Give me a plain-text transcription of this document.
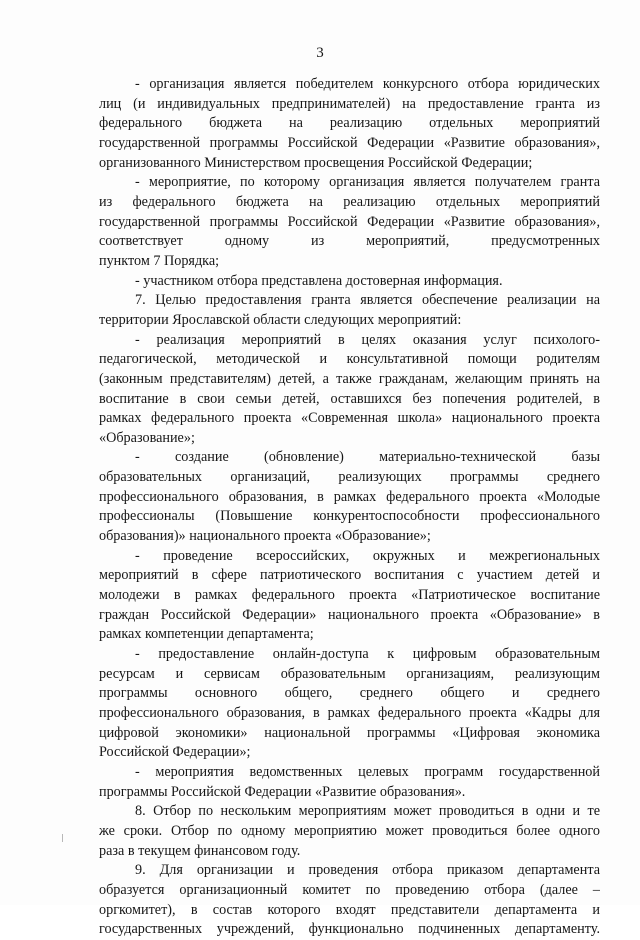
3
- организация является победителем конкурсного отбора юридических
лиц (и индивидуальных предпринимателей) на предоставление гранта из
федерального бюджета на реализацию отдельных мероприятий
государственной программы Российской Федерации «Развитие образования»,
организованного Министерством просвещения Российской Федерации;
- мероприятие, по которому организация является получателем гранта
из федерального бюджета на реализацию отдельных мероприятий
государственной программы Российской Федерации «Развитие образования»,
соответствует одному из мероприятий, предусмотренных
пунктом 7 Порядка;
- участником отбора представлена достоверная информация.
7. Целью предоставления гранта является обеспечение реализации на
территории Ярославской области следующих мероприятий:
- реализация мероприятий в целях оказания услуг психолого-
педагогической, методической и консультативной помощи родителям
(законным представителям) детей, а также гражданам, желающим принять на
воспитание в свои семьи детей, оставшихся без попечения родителей, в
рамках федерального проекта «Современная школа» национального проекта
«Образование»;
- создание (обновление) материально-технической базы
образовательных организаций, реализующих программы среднего
профессионального образования, в рамках федерального проекта «Молодые
профессионалы (Повышение конкурентоспособности профессионального
образования)» национального проекта «Образование»;
- проведение всероссийских, окружных и межрегиональных
мероприятий в сфере патриотического воспитания с участием детей и
молодежи в рамках федерального проекта «Патриотическое воспитание
граждан Российской Федерации» национального проекта «Образование» в
рамках компетенции департамента;
- предоставление онлайн-доступа к цифровым образовательным
ресурсам и сервисам образовательным организациям, реализующим
программы основного общего, среднего общего и среднего
профессионального образования, в рамках федерального проекта «Кадры для
цифровой экономики» национальной программы «Цифровая экономика
Российской Федерации»;
- мероприятия ведомственных целевых программ государственной
программы Российской Федерации «Развитие образования».
8. Отбор по нескольким мероприятиям может проводиться в одни и те
же сроки. Отбор по одному мероприятию может проводиться более одного
раза в текущем финансовом году.
9. Для организации и проведения отбора приказом департамента
образуется организационный комитет по проведению отбора (далее –
оргкомитет), в состав которого входят представители департамента и
государственных учреждений, функционально подчиненных департаменту.
